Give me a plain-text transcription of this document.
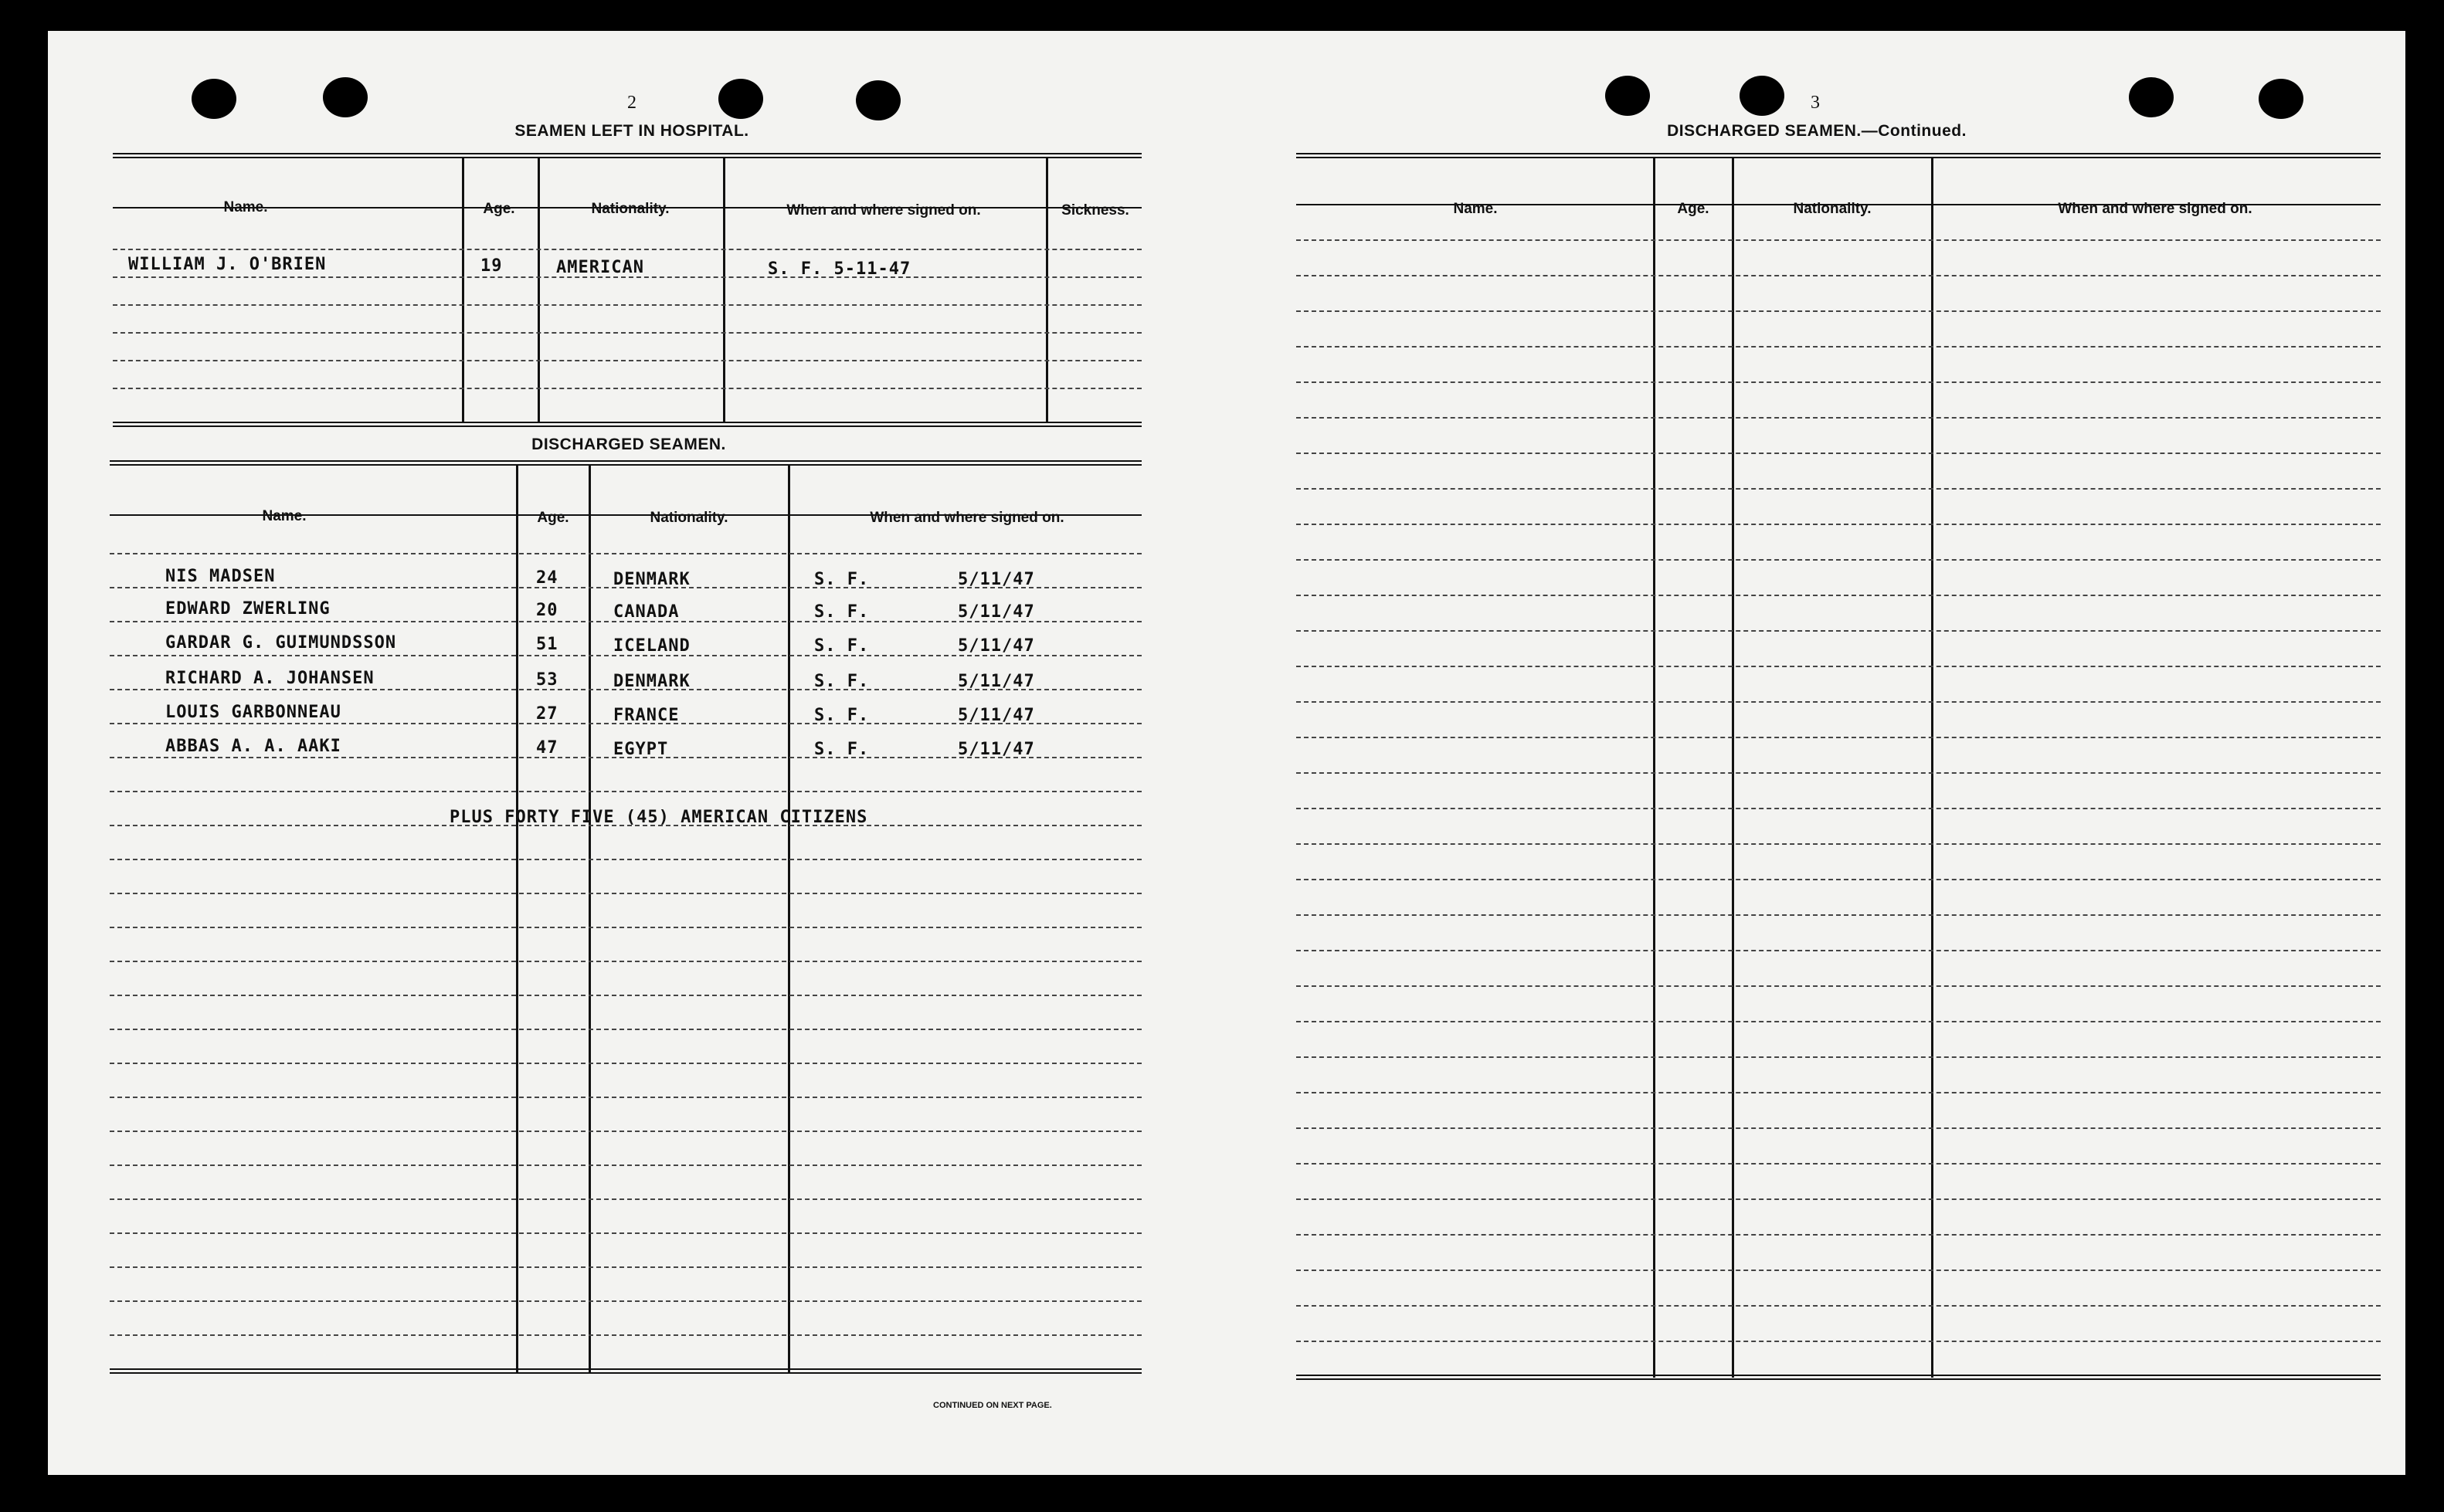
2
SEAMEN LEFT IN HOSPITAL.
Name.	Age.	Nationality.	When and where signed on.	Sickness.
WILLIAM J. O'BRIEN	19	AMERICAN	S. F. 5-11-47
DISCHARGED SEAMEN.
Name.	Age.	Nationality.	When and where signed on.
NIS MADSEN	24	DENMARK	S. F.	5/11/47
EDWARD ZWERLING	20	CANADA	S. F.	5/11/47
GARDAR G. GUIMUNDSSON	51	ICELAND	S. F.	5/11/47
RICHARD A. JOHANSEN	53	DENMARK	S. F.	5/11/47
LOUIS GARBONNEAU	27	FRANCE	S. F.	5/11/47
ABBAS A. A. AAKI	47	EGYPT	S. F.	5/11/47
PLUS FORTY FIVE (45) AMERICAN CITIZENS
CONTINUED ON NEXT PAGE.
3
DISCHARGED SEAMEN.—Continued.
Name.	Age.	Nationality.	When and where signed on.
